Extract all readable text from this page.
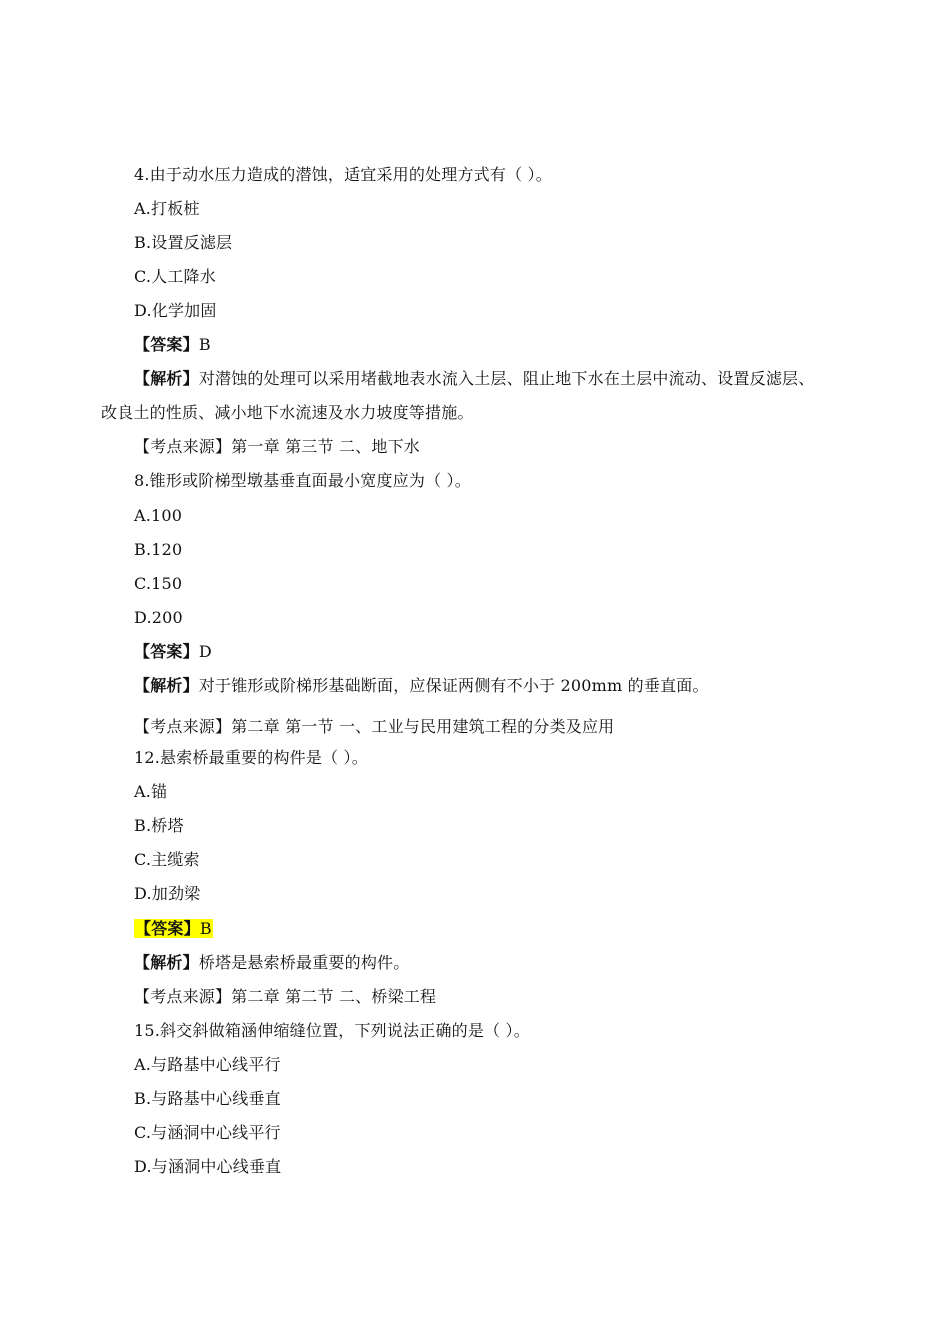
4.由于动水压力造成的潜蚀，适宜采用的处理方式有（ ）。
A.打板桩
B.设置反滤层
C.人工降水
D.化学加固
【答案】B
【解析】对潜蚀的处理可以采用堵截地表水流入土层、阻止地下水在土层中流动、设置反滤层、
改良土的性质、减小地下水流速及水力坡度等措施。
【考点来源】第一章 第三节 二、地下水
8.锥形或阶梯型墩基垂直面最小宽度应为（ ）。
A.100
B.120
C.150
D.200
【答案】D
【解析】对于锥形或阶梯形基础断面，应保证两侧有不小于 200mm 的垂直面。
【考点来源】第二章 第一节 一、工业与民用建筑工程的分类及应用
12.悬索桥最重要的构件是（ ）。
A.锚
B.桥塔
C.主缆索
D.加劲梁
【答案】B
【解析】桥塔是悬索桥最重要的构件。
【考点来源】第二章 第二节 二、桥梁工程
15.斜交斜做箱涵伸缩缝位置，下列说法正确的是（ ）。
A.与路基中心线平行
B.与路基中心线垂直
C.与涵洞中心线平行
D.与涵洞中心线垂直
